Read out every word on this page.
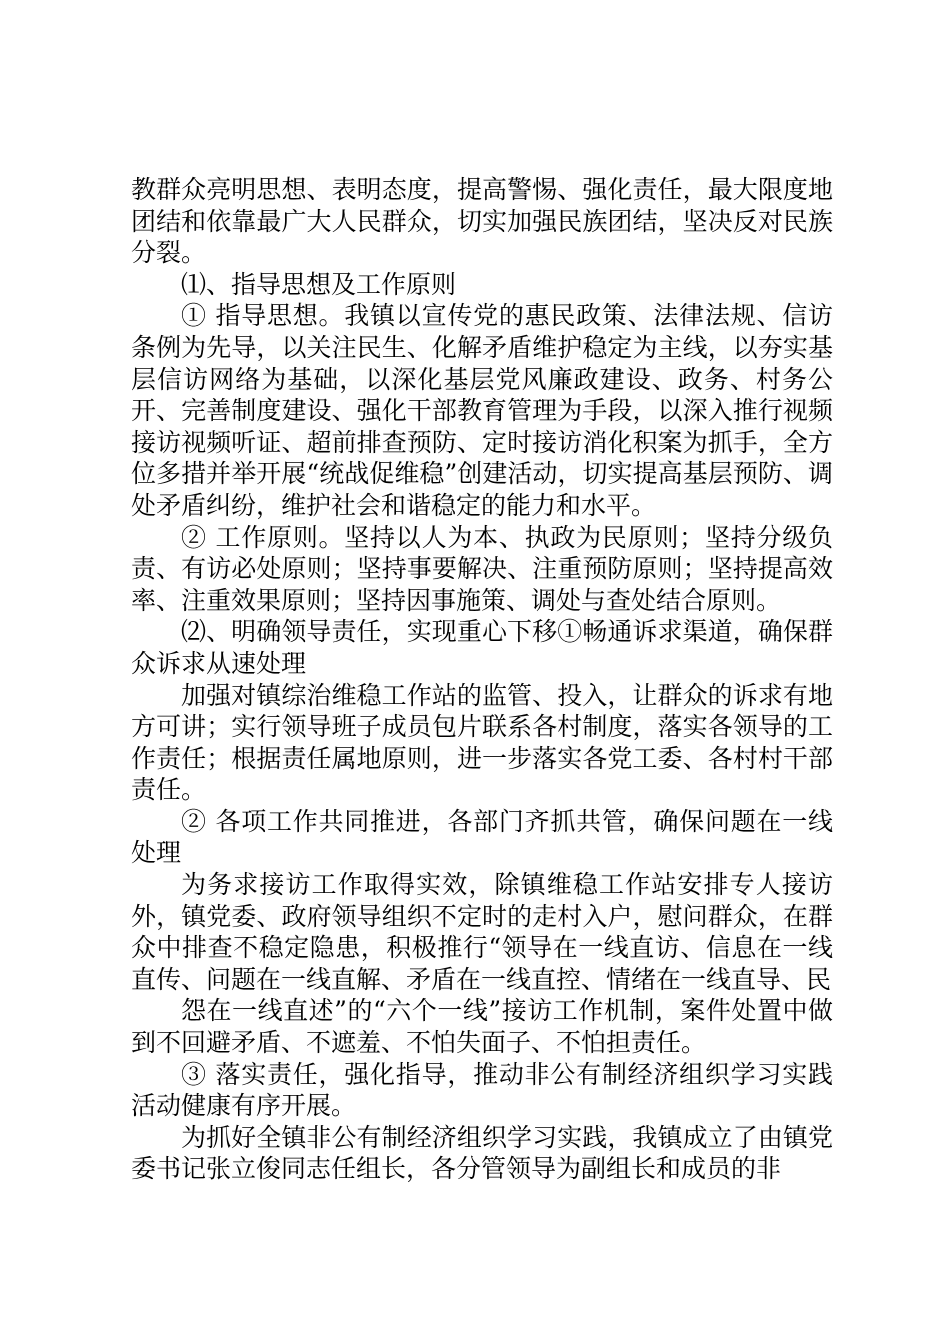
教群众亮明思想、表明态度，提高警惕、强化责任，最大限度地团结和依靠最广大人民群众，切实加强民族团结，坚决反对民族分裂。

⑴、指导思想及工作原则

① 指导思想。我镇以宣传党的惠民政策、法律法规、信访条例为先导，以关注民生、化解矛盾维护稳定为主线，以夯实基层信访网络为基础，以深化基层党风廉政建设、政务、村务公开、完善制度建设、强化干部教育管理为手段，以深入推行视频接访视频听证、超前排查预防、定时接访消化积案为抓手，全方位多措并举开展“统战促维稳”创建活动，切实提高基层预防、调处矛盾纠纷，维护社会和谐稳定的能力和水平。

② 工作原则。坚持以人为本、执政为民原则；坚持分级负责、有访必处原则；坚持事要解决、注重预防原则；坚持提高效率、注重效果原则；坚持因事施策、调处与查处结合原则。

⑵、明确领导责任，实现重心下移①畅通诉求渠道，确保群众诉求从速处理

加强对镇综治维稳工作站的监管、投入，让群众的诉求有地方可讲；实行领导班子成员包片联系各村制度，落实各领导的工作责任；根据责任属地原则，进一步落实各党工委、各村村干部责任。

② 各项工作共同推进，各部门齐抓共管，确保问题在一线处理

为务求接访工作取得实效，除镇维稳工作站安排专人接访外，镇党委、政府领导组织不定时的走村入户，慰问群众，在群众中排查不稳定隐患，积极推行“领导在一线直访、信息在一线直传、问题在一线直解、矛盾在一线直控、情绪在一线直导、民

怨在一线直述”的“六个一线”接访工作机制，案件处置中做到不回避矛盾、不遮羞、不怕失面子、不怕担责任。

③ 落实责任，强化指导，推动非公有制经济组织学习实践活动健康有序开展。

为抓好全镇非公有制经济组织学习实践，我镇成立了由镇党委书记张立俊同志任组长，各分管领导为副组长和成员的非
